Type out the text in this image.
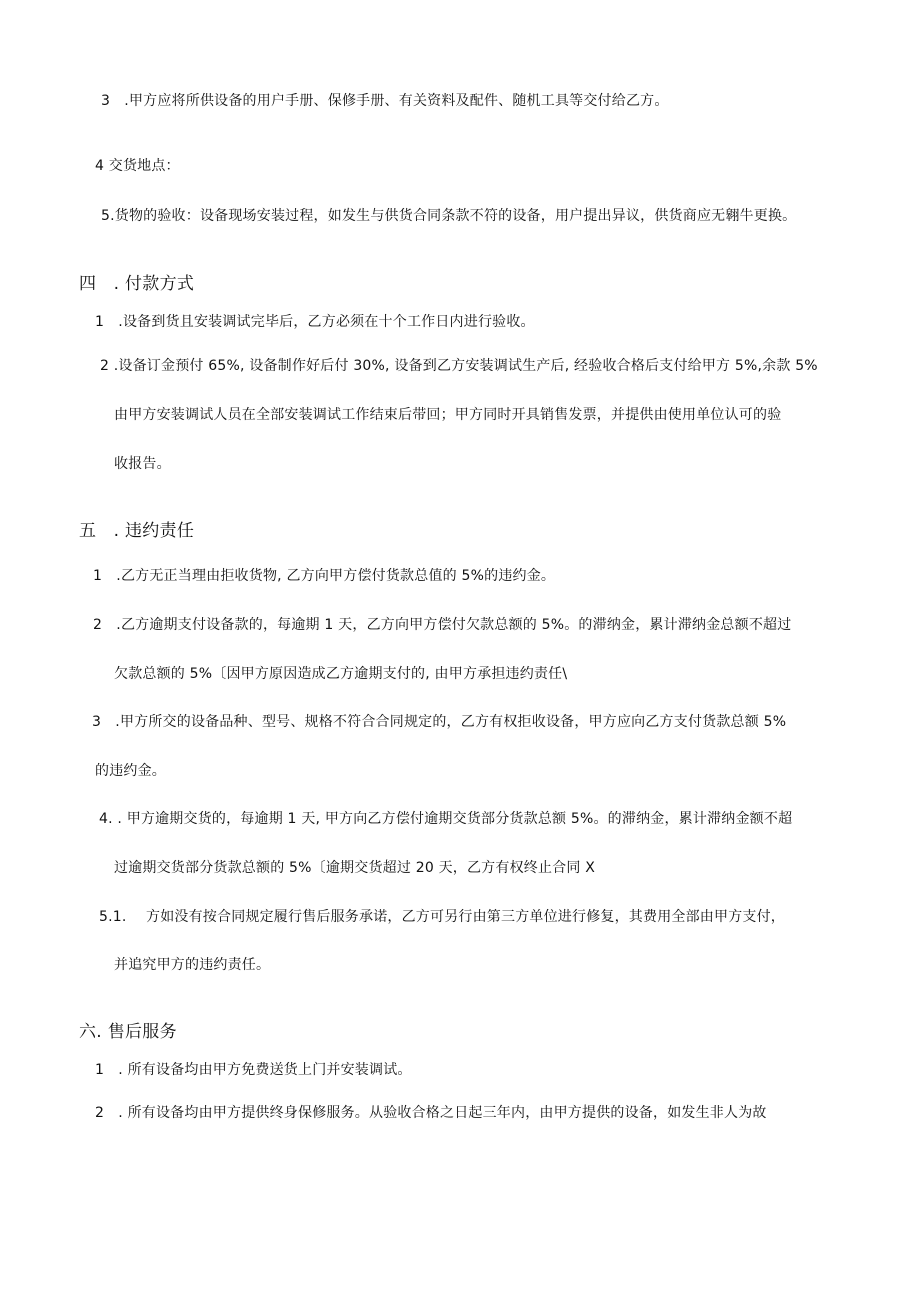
3　.甲方应将所供设备的用户手册、保修手册、有关资料及配件、随机工具等交付给乙方。
4 交货地点：
5.货物的验收：设备现场安装过程，如发生与供货合同条款不符的设备，用户提出异议，供货商应无翱牛更换。
四　. 付款方式
1　.设备到货且安装调试完毕后，乙方必须在十个工作日内进行验收。
2 .设备订金预付 65%, 设备制作好后付 30%, 设备到乙方安装调试生产后, 经验收合格后支付给甲方 5%,余款 5%
由甲方安装调试人员在全部安装调试工作结束后带回；甲方同时开具销售发票，并提供由使用单位认可的验
收报告。
五　. 违约责任
1　.乙方无正当理由拒收货物, 乙方向甲方偿付货款总值的 5%的违约金。
2　.乙方逾期支付设备款的，每逾期 1 天，乙方向甲方偿付欠款总额的 5%。的滞纳金，累计滞纳金总额不超过
欠款总额的 5%〔因甲方原因造成乙方逾期支付的, 由甲方承担违约责任\
3　.甲方所交的设备品种、型号、规格不符合合同规定的，乙方有权拒收设备，甲方应向乙方支付货款总额 5%
的违约金。
4. . 甲方逾期交货的，每逾期 1 天, 甲方向乙方偿付逾期交货部分货款总额 5%。的滞纳金，累计滞纳金额不超
过逾期交货部分货款总额的 5%〔逾期交货超过 20 天，乙方有权终止合同 X
5.1. 方如没有按合同规定履行售后服务承诺，乙方可另行由第三方单位进行修复，其费用全部由甲方支付，
并追究甲方的违约责任。
六. 售后服务
1　. 所有设备均由甲方免费送货上门并安装调试。
2　. 所有设备均由甲方提供终身保修服务。从验收合格之日起三年内，由甲方提供的设备，如发生非人为故
